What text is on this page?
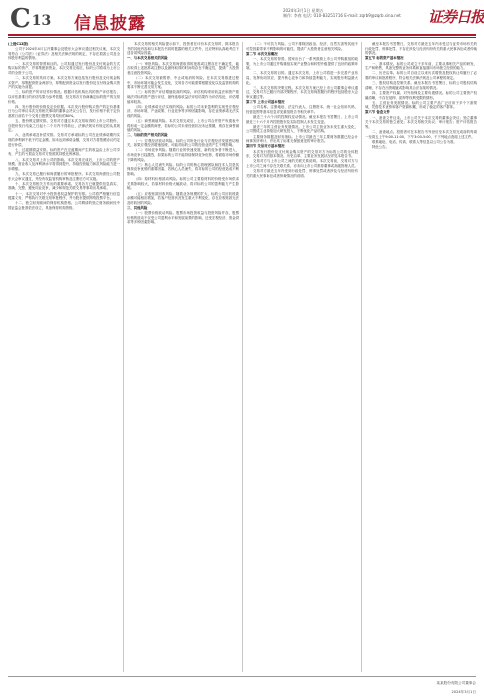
C13 信息披露
2024年3月1日 星期五
制作: 李春 电话: 010-83251716 E-mail: zqrb9@zqrb.sina.net	证券日报
(上接C12版)
公司于2024年4月召开董事会及股东大会审议通过相关议案，本次交易符合《公司法》《证券法》及相关法律法规的规定，不存在损害公司及全体股东利益的情形。
一、本次交易的背景和目的。公司拟通过发行股份及支付现金的方式购买标的资产，并募集配套资金，本次交易完成后，标的公司将成为上市公司的全资子公司。
二、本次交易的具体方案。本次交易方案包括发行股份及支付现金购买资产、募集配套资金两部分，募集配套资金以发行股份及支付现金购买资产的实施为前提。
三、标的资产的评估作价情况。根据评估机构出具的资产评估报告，以评估基准日的评估结果为参考依据，经交易各方协商确定标的资产的交易价格。
四、发行股份的价格及定价依据。本次发行股份购买资产的定价基准日为公司审议本次交易相关事项的董事会决议公告日，发行价格不低于定价基准日前若干个交易日股票交易均价的80%。
五、股份锁定期安排。交易对方通过本次交易取得的上市公司股份，自股份发行结束之日起十二个月内不得转让，法律法规另有规定的从其规定。
六、业绩承诺及补偿安排。交易对方承诺标的公司在业绩承诺期内实现的净利润不低于约定金额，如未达到承诺金额，交易对方将按照协议约定进行补偿。
七、过渡期损益安排。标的资产在过渡期间产生的收益由上市公司享有，产生的亏损由交易对方按照其持股比例承担。
八、本次交易对上市公司的影响。本次交易完成后，上市公司的资产规模、营业收入及净利润水平将得到提升，持续经营能力和抗风险能力进一步增强。
九、本次交易已履行和尚需履行的审批程序。本次交易尚需经公司股东大会审议通过，并经有权监管机构审核及注册后方可实施。
十、本次交易相关方作出的重要承诺。交易各方已就提供信息真实、准确、完整，避免同业竞争，减少和规范关联交易等事项出具承诺。
十一、本次交易对中小投资者权益保护的安排。公司将严格履行信息披露义务，严格执行关联交易审批程序，并为股东提供网络投票平台。
十二、独立财务顾问的保荐机构资格。公司聘请的独立财务顾问经中国证监会批准依法设立，具备保荐机构资格。
本次交易的相关风险提示如下，投资者在评价本次交易时，除本报告书的其他内容和与本报告书同时披露的相关文件外，还应特别认真地考虑下述各项风险因素。
一、与本次交易相关的风险
（一）审批风险。本次交易尚需取得的批准或注册存在不确定性，能否取得上述批准或注册以及最终取得的时间均存在不确定性，提请广大投资者注意投资风险。
（二）本次交易被暂停、中止或取消的风险。在本次交易推进过程中，市场环境可能会发生变化，交易各方可能需要根据变化以及监管机构的要求不断完善交易方案。
（三）标的资产评估增值较高的风险。评估机构采用收益法和资产基础法对标的资产进行评估，最终选取收益法评估结果作为评估结论，评估增值率较高。
（四）业绩承诺无法实现的风险。标的公司未来盈利的实现受宏观经济、市场环境、产业政策、行业竞争等多种因素影响，存在业绩承诺无法实现的风险。
（五）商誉减值风险。本次交易完成后，上市公司合并资产负债表中将形成一定金额的商誉，若标的公司未来经营状况未达预期，则存在商誉减值的风险。
二、与标的资产相关的风险
（一）宏观经济波动风险。标的公司所处行业与宏观经济发展密切相关，如果宏观经济增速放缓，可能对标的公司的经营业绩产生不利影响。
（二）市场竞争风险。随着行业的快速发展，新的竞争者不断进入，市场竞争日趋激烈，如果标的公司不能持续保持竞争优势，将面临市场份额下降的风险。
（三）核心人员流失风险。标的公司的核心管理团队和技术人员是其保持竞争优势的重要因素，若核心人员流失，将对标的公司的经营造成不利影响。
（四）原材料价格波动风险。标的公司主要原材料的价格受市场供求关系影响较大，若原材料价格大幅波动，将对标的公司的盈利能力产生影响。
（五）应收账款回收风险。随着业务规模的扩大，标的公司应收账款余额可能相应增加，若客户经营状况发生重大不利变化，存在应收账款无法及时收回的风险。
三、其他风险
（一）股票价格波动风险。股票市场投资收益与投资风险并存，股票价格的波动不仅受公司盈利水平和发展前景的影响，还受宏观经济、资金供求等多种因素影响。
（二）不可抗力风险。公司不排除因政治、经济、自然灾害等其他不可控因素带来不利影响的可能性，提请广大投资者注意相关风险。
第二节 本次交易概况
一、本次交易的背景。国家出台了一系列鼓励上市公司并购重组的政策，为上市公司通过并购重组实现产业整合和转型升级提供了良好的政策环境。
二、本次交易的目的。通过本次交易，上市公司将进一步完善产业布局，发挥协同效应，提升核心竞争力和持续盈利能力，实现股东利益最大化。
三、本次交易的决策过程。本次交易方案已经上市公司董事会审议通过，交易对方已履行内部决策程序，本次交易尚需履行的程序包括股东大会审议通过等。
第三节 上市公司基本情况
公司名称、注册地址、法定代表人、注册资本、统一社会信用代码、经营范围等基本信息详见重组报告书相关章节。
最近三十六个月的控制权变动情况。截至本报告书签署日，上市公司最近三十六个月内控股股东及实际控制人未发生变更。
最近三年的主营业务发展情况。上市公司主营业务未发生重大变化，公司围绕主业持续加大研发投入，不断优化产品结构。
主要财务数据及财务指标。上市公司最近三年主要财务数据已经会计师事务所审计，并出具了标准无保留意见的审计报告。
第四节 交易对方基本情况
本次发行股份及支付现金购买资产的交易对方为标的公司的全体股东，交易对方的基本情况、历史沿革、主要业务发展状况详见本报告书。
交易对方与上市公司之间的关联关系说明。本次交易前，交易对方与上市公司之间不存在关联关系，亦未向上市公司推荐董事或高级管理人员。
交易对方最近五年内受到行政处罚、刑事处罚或者涉及与经济纠纷有关的重大民事诉讼或者仲裁情况的说明。
截至本报告书签署日，交易对方最近五年内未受过与证券市场有关的行政处罚、刑事处罚，不存在涉及与经济纠纷有关的重大民事诉讼或者仲裁的情况。
第五节 标的资产基本情况
一、基本情况。标的公司成立于多年前，主要从事相关产品的研发、生产和销售，具备完整的业务体系和直接面向市场独立经营的能力。
二、历史沿革。标的公司自设立以来历次增资及股权转让均履行了必要的审议和批准程序，符合相关法律法规及公司章程的规定。
三、股权结构及控制关系。截至本报告书签署日，标的公司股权结构清晰，不存在出资瑕疵或影响其合法存续的情况。
四、主要资产权属、对外担保及主要负债情况。标的公司主要资产权属清晰，不存在抵押、质押等权利受限的情形。
五、主营业务发展情况。标的公司主要产品广泛应用于多个下游领域，凭借技术优势和客户资源积累，形成了稳定的客户群体。
第六节 备查文件
一、备查文件目录。上市公司关于本次交易的董事会决议；独立董事关于本次交易的独立意见；本次交易相关协议；审计报告；资产评估报告等。
二、备查地点。投资者可在本报告书刊登后至本次交易完成前的每周一至周五上午9:00-11:00，下午3:00-5:00，于下列地点查阅上述文件。
联系地址、电话、传真、联系人等信息以公司公告为准。
特此公告。
某某股份有限公司董事会
2024年3月1日
